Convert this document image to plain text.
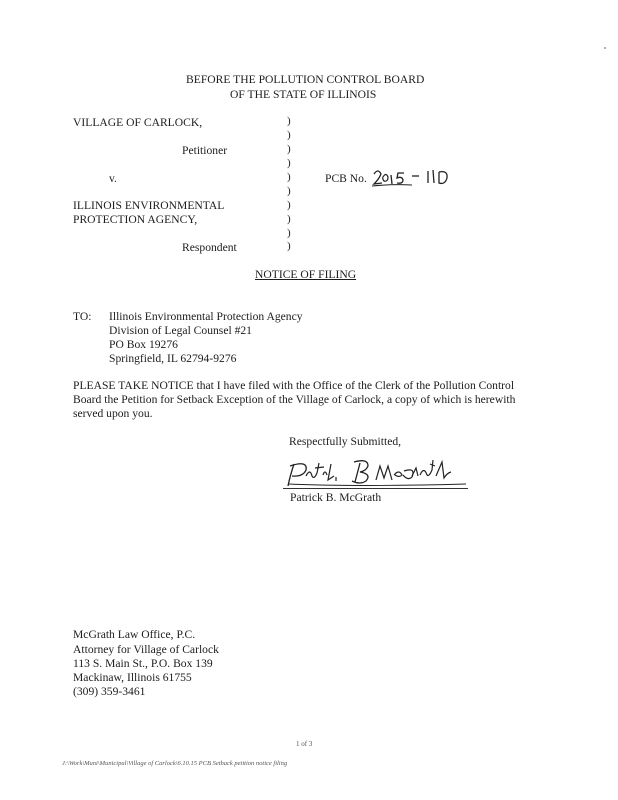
BEFORE THE POLLUTION CONTROL BOARD
OF THE STATE OF ILLINOIS
VILLAGE OF CARLOCK,
Petitioner
v.
ILLINOIS ENVIRONMENTAL
PROTECTION AGENCY,
Respondent
)
)
)
)
)
)
)
)
)
)
PCB No.
NOTICE OF FILING
TO: Illinois Environmental Protection Agency
Division of Legal Counsel #21
PO Box 19276
Springfield, IL 62794-9276
PLEASE TAKE NOTICE that I have filed with the Office of the Clerk of the Pollution Control
Board the Petition for Setback Exception of the Village of Carlock, a copy of which is herewith
served upon you.
Respectfully Submitted,
Patrick B. McGrath
McGrath Law Office, P.C.
Attorney for Village of Carlock
113 S. Main St., P.O. Box 139
Mackinaw, Illinois 61755
(309) 359-3461
1 of 3
J:\Work\Muni\Municipal\Village of Carlock\6.10.15 PCB Setback petition notice filing
